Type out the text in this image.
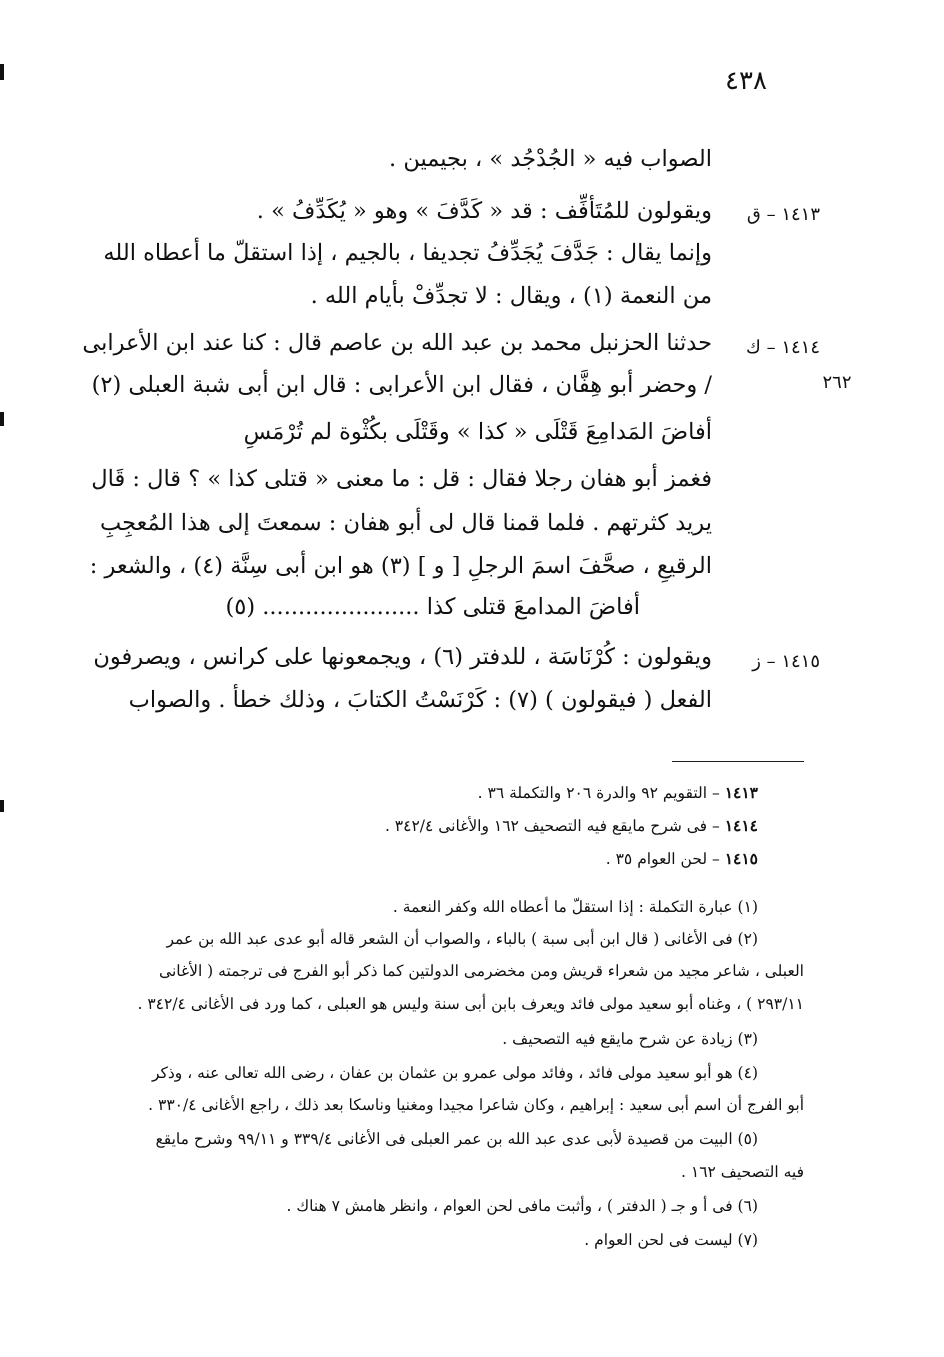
٤٣٨
٢٦٢
الصواب فيه « الجُدْجُد » ، بجيمين .
١٤١٣ – ق
ويقولون للمُتَأفِّف : قد « كَدَّفَ » وهو « يُكَدِّفُ » .
وإنما يقال : جَدَّفَ يُجَدِّفُ تجديفا ، بالجيم ، إذا استقلّ ما أعطاه الله
من النعمة (١) ، ويقال : لا تجدِّفْ بأيام الله .
١٤١٤ – ك
حدثنا الحزنبل محمد بن عبد الله بن عاصم قال : كنا عند ابن الأعرابى
/ وحضر أبو هِفَّان ، فقال ابن الأعرابى : قال ابن أبى شبة العبلى (٢)
أفاضَ المَدامِعَ قَتْلَى « كذا » وقَتْلَى بكُثْوة لم تُرْمَسِ
فغمز أبو هفان رجلا فقال : قل : ما معنى « قتلى كذا » ؟ قال : قَال
يريد كثرتهم . فلما قمنا قال لى أبو هفان : سمعتَ إلى هذا المُعجِبِ
الرقيعِ ، صحَّفَ اسمَ الرجلِ [ و ] (٣) هو ابن أبى سِنَّة (٤) ، والشعر :
أفاضَ المدامعَ قتلى كذا ...................... (٥)
١٤١٥ – ز
ويقولون : كُرْنَاسَة ، للدفتر (٦) ، ويجمعونها على كرانس ، ويصرفون
الفعل ( فيقولون ) (٧) : كَرْنَسْتُ الكتابَ ، وذلك خطأ . والصواب
١٤١٣ – التقويم ٩٢ والدرة ٢٠٦ والتكملة ٣٦ .
١٤١٤ – فى شرح مايقع فيه التصحيف ١٦٢ والأغانى ٣٤٢/٤ .
١٤١٥ – لحن العوام ٣٥ .
(١) عبارة التكملة : إذا استقلّ ما أعطاه الله وكفر النعمة .
(٢) فى الأغانى ( قال ابن أبى سبة ) بالباء ، والصواب أن الشعر قاله أبو عدى عبد الله بن عمر
العبلى ، شاعر مجيد من شعراء قريش ومن مخضرمى الدولتين كما ذكر أبو الفرج فى ترجمته ( الأغانى
٢٩٣/١١ ) ، وغناه أبو سعيد مولى فائد ويعرف بابن أبى سنة وليس هو العبلى ، كما ورد فى الأغانى ٣٤٢/٤ .
(٣) زيادة عن شرح مايقع فيه التصحيف .
(٤) هو أبو سعيد مولى فائد ، وفائد مولى عمرو بن عثمان بن عفان ، رضى الله تعالى عنه ، وذكر
أبو الفرج أن اسم أبى سعيد : إبراهيم ، وكان شاعرا مجيدا ومغنيا وناسكا بعد ذلك ، راجع الأغانى ٣٣٠/٤ .
(٥) البيت من قصيدة لأبى عدى عبد الله بن عمر العبلى فى الأغانى ٣٣٩/٤ و ٩٩/١١ وشرح مايقع
فيه التصحيف ١٦٢ .
(٦) فى أ و جـ ( الدفتر ) ، وأثبت مافى لحن العوام ، وانظر هامش ٧ هناك .
(٧) ليست فى لحن العوام .
